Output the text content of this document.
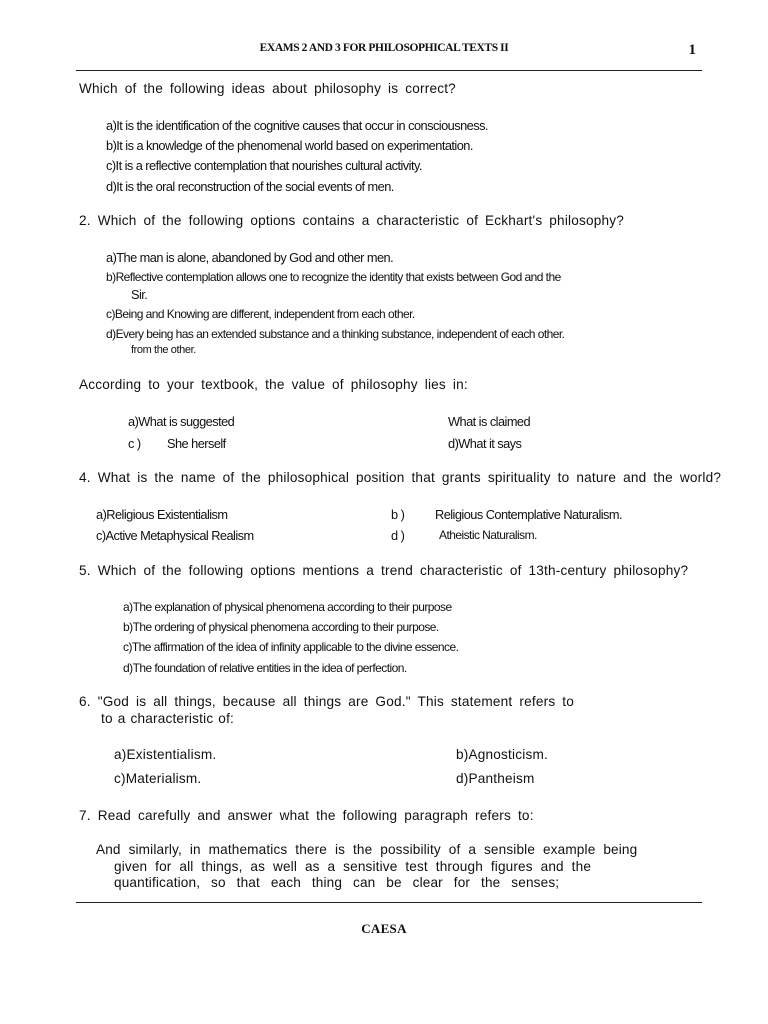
EXAMS 2 AND 3 FOR PHILOSOPHICAL TEXTS II	1
Which of the following ideas about philosophy is correct?
a)It is the identification of the cognitive causes that occur in consciousness.
b)It is a knowledge of the phenomenal world based on experimentation.
c)It is a reflective contemplation that nourishes cultural activity.
d)It is the oral reconstruction of the social events of men.
2. Which of the following options contains a characteristic of Eckhart's philosophy?
a)The man is alone, abandoned by God and other men.
b)Reflective contemplation allows one to recognize the identity that exists between God and the
Sir.
c)Being and Knowing are different, independent from each other.
d)Every being has an extended substance and a thinking substance, independent of each other.
from the other.
According to your textbook, the value of philosophy lies in:
a)What is suggested	What is claimed
c ) She herself	d)What it says
4. What is the name of the philosophical position that grants spirituality to nature and the world?
a)Religious Existentialism	b ) Religious Contemplative Naturalism.
c)Active Metaphysical Realism	d )	Atheistic Naturalism.
5. Which of the following options mentions a trend characteristic of 13th-century philosophy?
a)The explanation of physical phenomena according to their purpose
b)The ordering of physical phenomena according to their purpose.
c)The affirmation of the idea of infinity applicable to the divine essence.
d)The foundation of relative entities in the idea of perfection.
6. "God is all things, because all things are God." This statement refers to
to a characteristic of:
a)Existentialism.	b)Agnosticism.
c)Materialism.	d)Pantheism
7. Read carefully and answer what the following paragraph refers to:
And similarly, in mathematics there is the possibility of a sensible example being
given for all things, as well as a sensitive test through figures and the
quantification, so that each thing can be clear for the senses;
CAESA
